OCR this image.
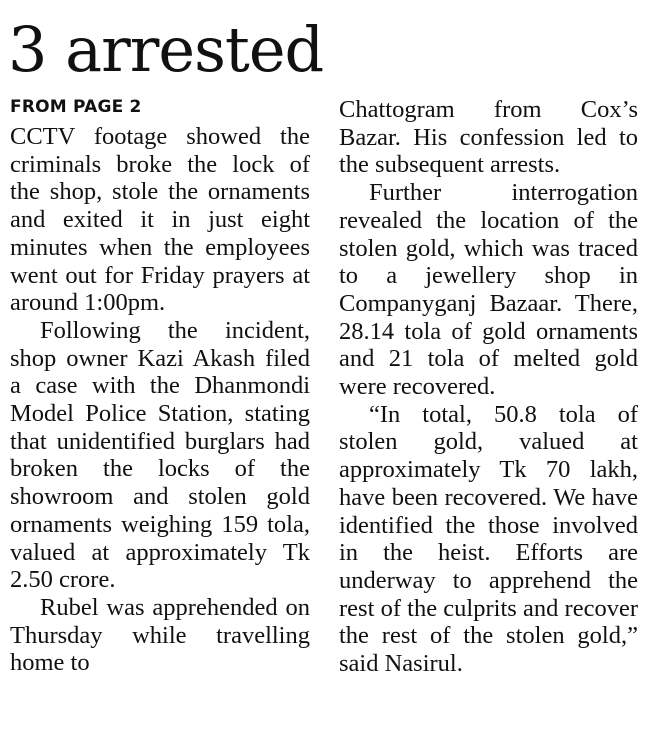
3 arrested
FROM PAGE 2

CCTV footage showed the criminals broke the lock of the shop, stole the ornaments and exited it in just eight minutes when the employees went out for Friday prayers at around 1:00pm.

Following the incident, shop owner Kazi Akash filed a case with the Dhanmondi Model Police Station, stating that unidentified burglars had broken the locks of the showroom and stolen gold ornaments weighing 159 tola, valued at approximately Tk 2.50 crore.

Rubel was apprehended on Thursday while travelling home to

Chattogram from Cox’s Bazar. His confession led to the subsequent arrests.

Further interrogation revealed the location of the stolen gold, which was traced to a jewellery shop in Companyganj Bazaar. There, 28.14 tola of gold ornaments and 21 tola of melted gold were recovered.

“In total, 50.8 tola of stolen gold, valued at approximately Tk 70 lakh, have been recovered. We have identified the those involved in the heist. Efforts are underway to apprehend the rest of the culprits and recover the rest of the stolen gold,” said Nasirul.
